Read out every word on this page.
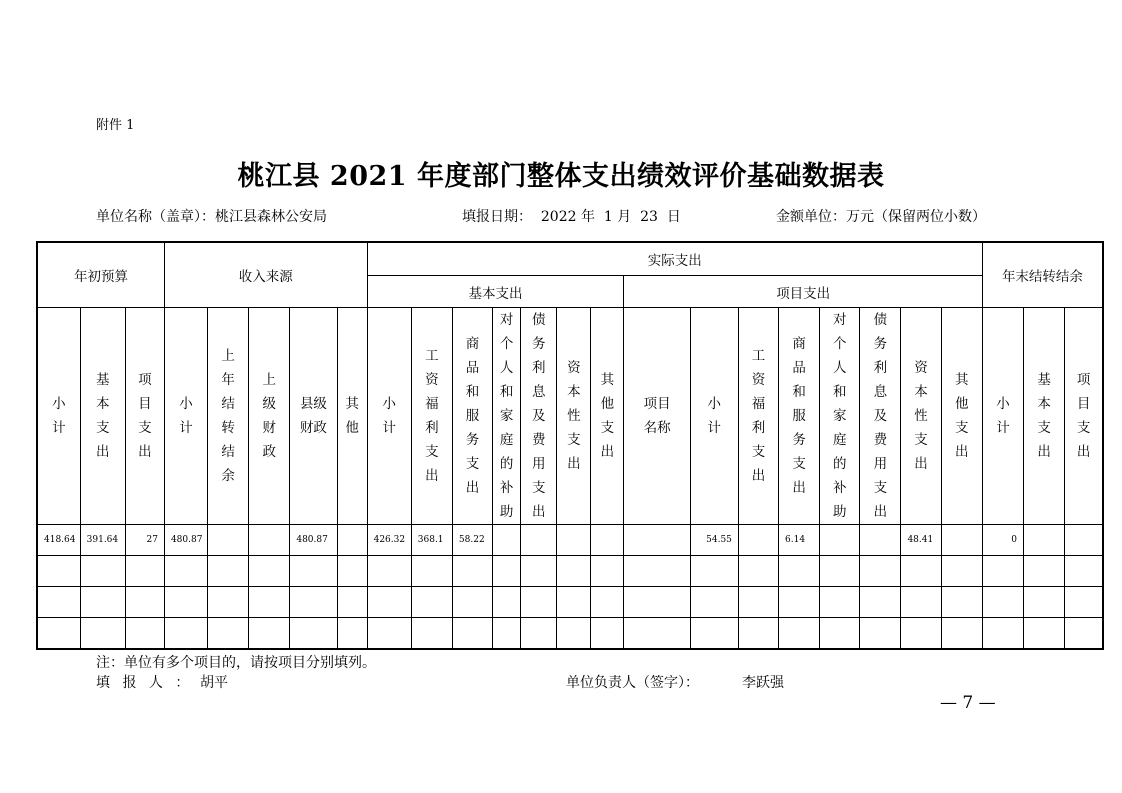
附件 1
桃江县 2021 年度部门整体支出绩效评价基础数据表
单位名称（盖章）：桃江县森林公安局	填报日期：  2022 年  1 月  23  日	金额单位：万元（保留两位小数）
年初预算			收入来源					实际支出															年末结转结余		
								基本支出							项目支出										
小计	基本支出	项目支出	小计	上年结转结余	上级财政	县级财政	其他	小计	工资福利支出	商品和服务支出	对个人和家庭的补助	债务利息及费用支出	资本性支出	其他支出	项目名称	小计	工资福利支出	商品和服务支出	对个人和家庭的补助	债务利息及费用支出	资本性支出	其他支出	小计	基本支出	项目支出
418.64	391.64	27	480.87			480.87		426.32	368.1	58.22						54.55		6.14			48.41		0		

注：单位有多个项目的，请按项目分别填列。
填 报 人 ： 胡平	单位负责人（签字）：	李跃强
— 7 —
